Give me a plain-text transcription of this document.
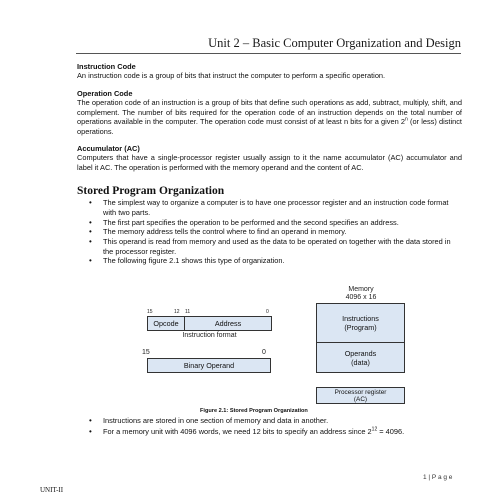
Unit 2 – Basic Computer Organization and Design
Instruction Code
An instruction code is a group of bits that instruct the computer to perform a specific operation.
Operation Code
The operation code of an instruction is a group of bits that define such operations as add, subtract, multiply, shift, and complement. The number of bits required for the operation code of an instruction depends on the total number of operations available in the computer. The operation code must consist of at least n bits for a given 2$^n$ (or less) distinct operations.
Accumulator (AC)
Computers that have a single-processor register usually assign to it the name accumulator (AC) accumulator and label it AC. The operation is performed with the memory operand and the content of AC.
Stored Program Organization
• The simplest way to organize a computer is to have one processor register and an instruction code format with two parts.
• The first part specifies the operation to be performed and the second specifies an address.
• The memory address tells the control where to find an operand in memory.
• This operand is read from memory and used as the data to be operated on together with the data stored in the processor register.
• The following figure 2.1 shows this type of organization.
Memory
4096 x 16
15	12 11	0
Opcode	Address
Instruction format
15	0
Binary Operand
Instructions
(Program)
Operands
(data)
Processor register
(AC)
Figure 2.1: Stored Program Organization
• Instructions are stored in one section of memory and data in another.
• For a memory unit with 4096 words, we need 12 bits to specify an address since $2^{12} = 4096$.
1 | P a g e
UNIT-II
